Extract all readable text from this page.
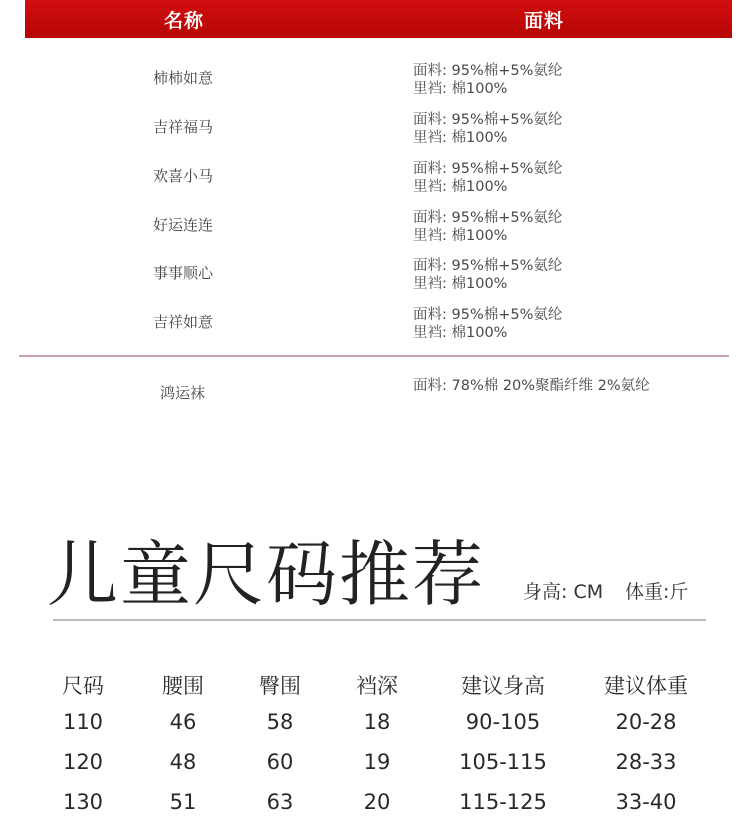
名称	面料
柿柿如意	面料: 95%棉+5%氨纶
里裆: 棉100%
吉祥福马	面料: 95%棉+5%氨纶
里裆: 棉100%
欢喜小马	面料: 95%棉+5%氨纶
里裆: 棉100%
好运连连	面料: 95%棉+5%氨纶
里裆: 棉100%
事事顺心	面料: 95%棉+5%氨纶
里裆: 棉100%
吉祥如意	面料: 95%棉+5%氨纶
里裆: 棉100%
鸿运袜	面料: 78%棉 20%聚酯纤维 2%氨纶
儿童尺码推荐 身高: CM 体重:斤
尺码	腰围	臀围	裆深	建议身高	建议体重
110	46	58	18	90-105	20-28
120	48	60	19	105-115	28-33
130	51	63	20	115-125	33-40
